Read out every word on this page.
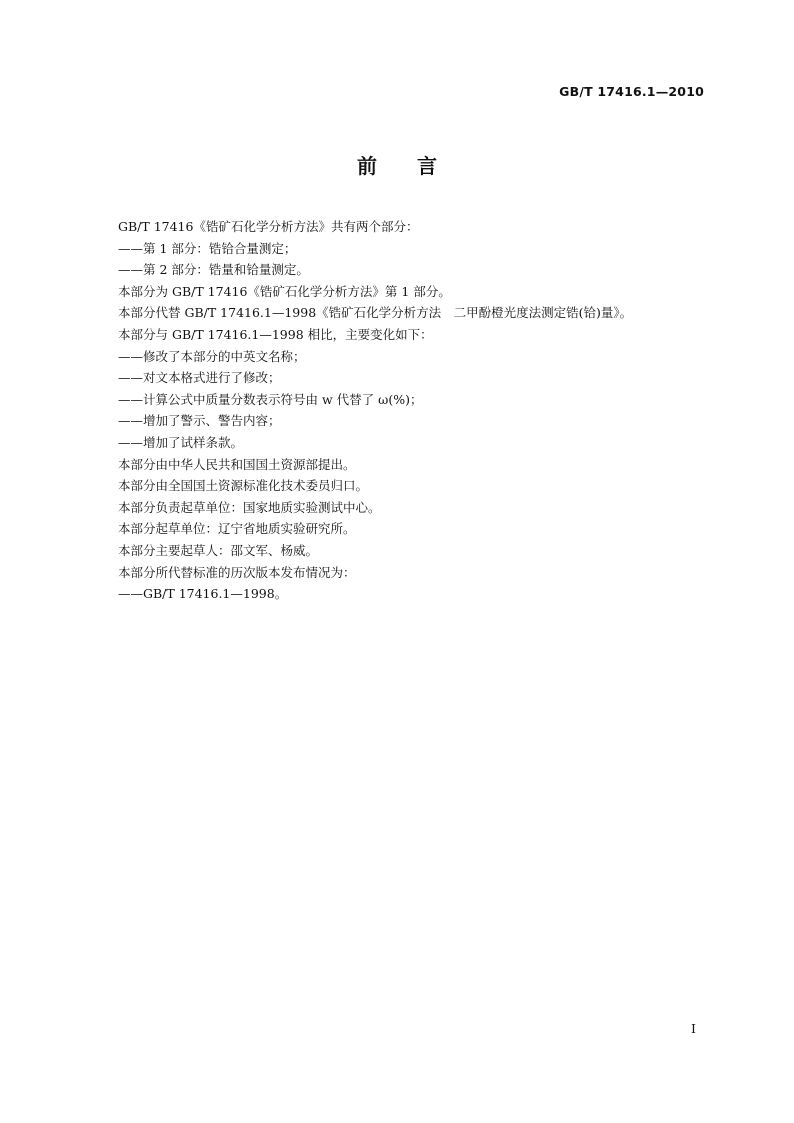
GB/T 17416.1—2010
前言
GB/T 17416《锆矿石化学分析方法》共有两个部分：
——第 1 部分：锆铪合量测定；
——第 2 部分：锆量和铪量测定。
本部分为 GB/T 17416《锆矿石化学分析方法》第 1 部分。
本部分代替 GB/T 17416.1—1998《锆矿石化学分析方法　二甲酚橙光度法测定锆(铪)量》。
本部分与 GB/T 17416.1—1998 相比，主要变化如下：
——修改了本部分的中英文名称；
——对文本格式进行了修改；
——计算公式中质量分数表示符号由 w 代替了 ω(%)；
——增加了警示、警告内容；
——增加了试样条款。
本部分由中华人民共和国国土资源部提出。
本部分由全国国土资源标准化技术委员归口。
本部分负责起草单位：国家地质实验测试中心。
本部分起草单位：辽宁省地质实验研究所。
本部分主要起草人：邵文军、杨威。
本部分所代替标准的历次版本发布情况为：
——GB/T 17416.1—1998。
I
